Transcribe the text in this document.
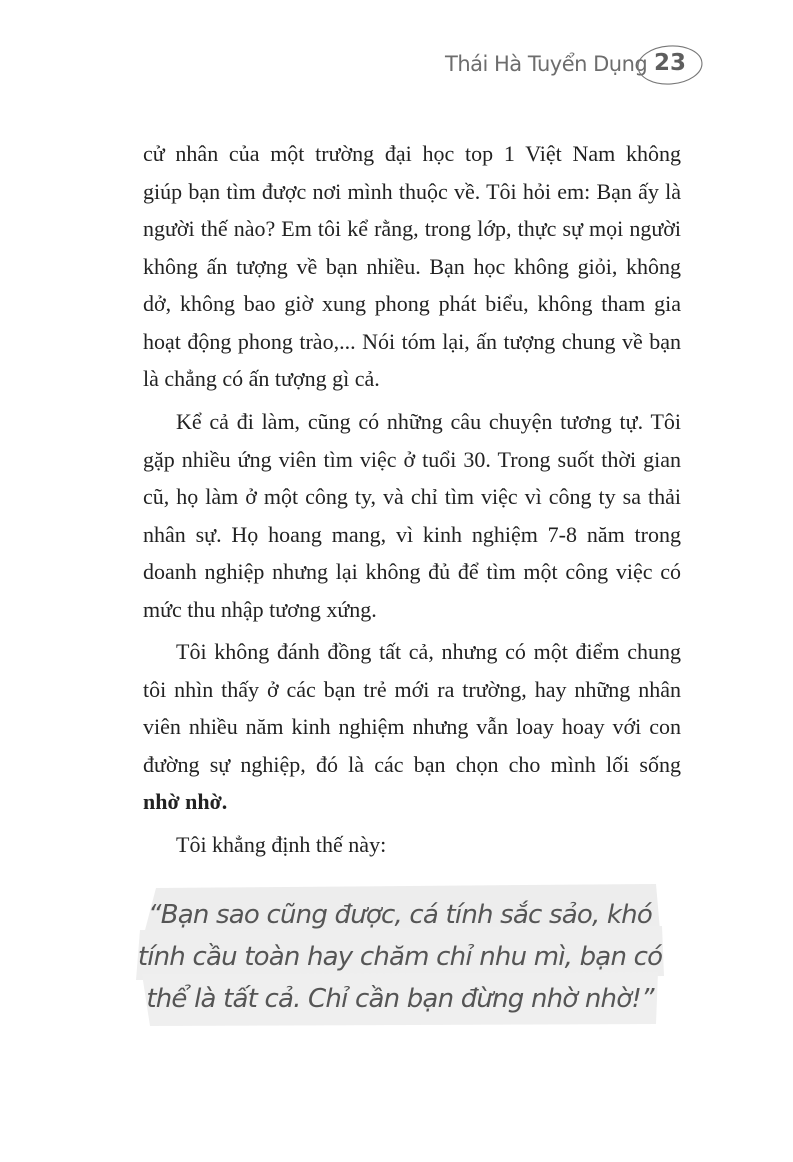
Thái Hà Tuyển Dụng 23
cử nhân của một trường đại học top 1 Việt Nam không
giúp bạn tìm được nơi mình thuộc về. Tôi hỏi em: Bạn ấy là
người thế nào? Em tôi kể rằng, trong lớp, thực sự mọi người
không ấn tượng về bạn nhiều. Bạn học không giỏi, không
dở, không bao giờ xung phong phát biểu, không tham gia
hoạt động phong trào,... Nói tóm lại, ấn tượng chung về bạn
là chẳng có ấn tượng gì cả.
Kể cả đi làm, cũng có những câu chuyện tương tự. Tôi
gặp nhiều ứng viên tìm việc ở tuổi 30. Trong suốt thời gian
cũ, họ làm ở một công ty, và chỉ tìm việc vì công ty sa thải
nhân sự. Họ hoang mang, vì kinh nghiệm 7-8 năm trong
doanh nghiệp nhưng lại không đủ để tìm một công việc có
mức thu nhập tương xứng.
Tôi không đánh đồng tất cả, nhưng có một điểm chung
tôi nhìn thấy ở các bạn trẻ mới ra trường, hay những nhân
viên nhiều năm kinh nghiệm nhưng vẫn loay hoay với con
đường sự nghiệp, đó là các bạn chọn cho mình lối sống
nhờ nhờ.
Tôi khẳng định thế này:
“Bạn sao cũng được, cá tính sắc sảo, khó
tính cầu toàn hay chăm chỉ nhu mì, bạn có
thể là tất cả. Chỉ cần bạn đừng nhờ nhờ!”
